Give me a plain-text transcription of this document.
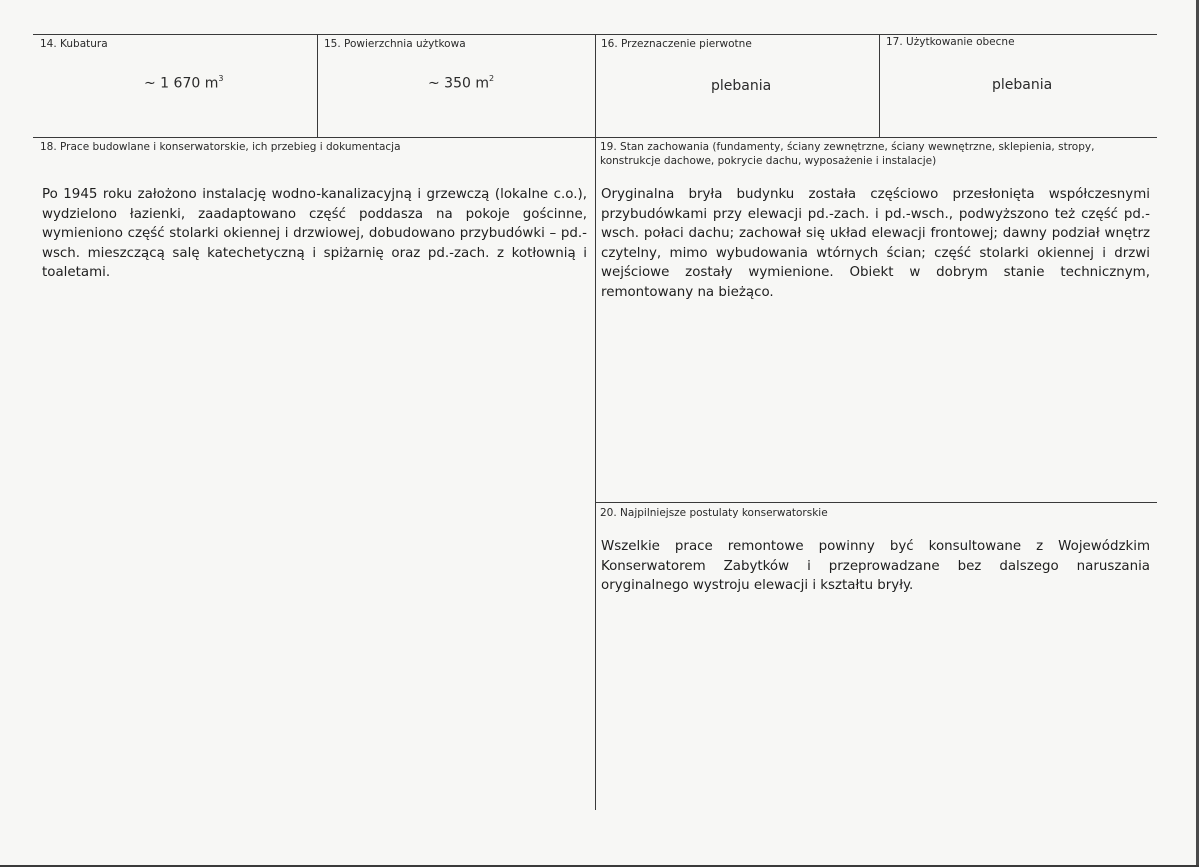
14. Kubatura
~ 1 670 $m^3$
15. Powierzchnia użytkowa
~ 350 $m^2$
16. Przeznaczenie pierwotne
plebania
17. Użytkowanie obecne
plebania
18. Prace budowlane i konserwatorskie, ich przebieg i dokumentacja
Po 1945 roku założono instalację wodno-kanalizacyjną i grzewczą (lokalne c.o.), wydzielono łazienki, zaadaptowano część poddasza na pokoje gościnne, wymieniono część stolarki okiennej i drzwiowej, dobudowano przybudówki – pd.-wsch. mieszczącą salę katechetyczną i spiżarnię oraz pd.-zach. z kotłownią i toaletami.
19. Stan zachowania (fundamenty, ściany zewnętrzne, ściany wewnętrzne, sklepienia, stropy,
konstrukcje dachowe, pokrycie dachu, wyposażenie i instalacje)
Oryginalna bryła budynku została częściowo przesłonięta współczesnymi przybudówkami przy elewacji pd.-zach. i pd.-wsch., podwyższono też część pd.-wsch. połaci dachu; zachował się układ elewacji frontowej; dawny podział wnętrz czytelny, mimo wybudowania wtórnych ścian; część stolarki okiennej i drzwi wejściowe zostały wymienione. Obiekt w dobrym stanie technicznym, remontowany na bieżąco.
20. Najpilniejsze postulaty konserwatorskie
Wszelkie prace remontowe powinny być konsultowane z Wojewódzkim Konserwatorem Zabytków i przeprowadzane bez dalszego naruszania oryginalnego wystroju elewacji i kształtu bryły.
